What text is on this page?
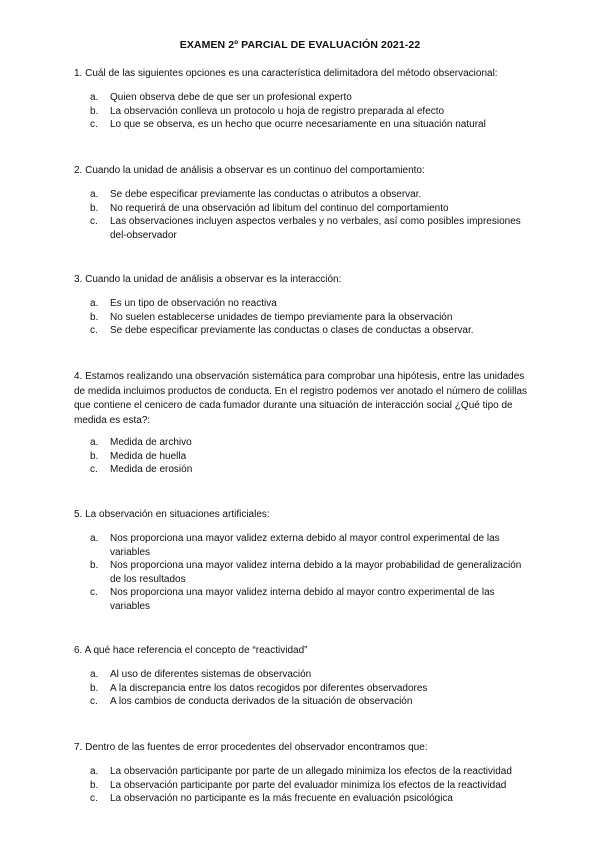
EXAMEN 2º PARCIAL DE EVALUACIÓN 2021-22

1. Cuál de las siguientes opciones es una característica delimitadora del método observacional:

a. Quien observa debe de que ser un profesional experto
b. La observación conlleva un protocolo u hoja de registro preparada al efecto
c. Lo que se observa, es un hecho que ocurre necesariamente en una situación natural

2. Cuando la unidad de análisis a observar es un continuo del comportamiento:

a. Se debe especificar previamente las conductas o atributos a observar.
b. No requerirá de una observación ad libitum del continuo del comportamiento
c. Las observaciones incluyen aspectos verbales y no verbales, así como posibles impresiones del-observador

3. Cuando la unidad de análisis a observar es la interacción:

a. Es un tipo de observación no reactiva
b. No suelen establecerse unidades de tiempo previamente para la observación
c. Se debe especificar previamente las conductas o clases de conductas a observar.

4. Estamos realizando una observación sistemática para comprobar una hipótesis, entre las unidades de medida incluimos productos de conducta. En el registro podemos ver anotado el número de colillas que contiene el cenicero de cada fumador durante una situación de interacción social ¿Qué tipo de medida es esta?:

a. Medida de archivo
b. Medida de huella
c. Medida de erosión

5. La observación en situaciones artificiales:

a. Nos proporciona una mayor validez externa debido al mayor control experimental de las variables
b. Nos proporciona una mayor validez interna debido a la mayor probabilidad de generalización de los resultados
c. Nos proporciona una mayor validez interna debido al mayor contro experimental de las variables

6. A qué hace referencia el concepto de “reactividad”

a. Al uso de diferentes sistemas de observación
b. A la discrepancia entre los datos recogidos por diferentes observadores
c. A los cambios de conducta derivados de la situación de observación

7. Dentro de las fuentes de error procedentes del observador encontramos que:

a. La observación participante por parte de un allegado minimiza los efectos de la reactividad
b. La observación participante por parte del evaluador minimiza los efectos de la reactividad
c. La observación no participante es la más frecuente en evaluación psicológica
